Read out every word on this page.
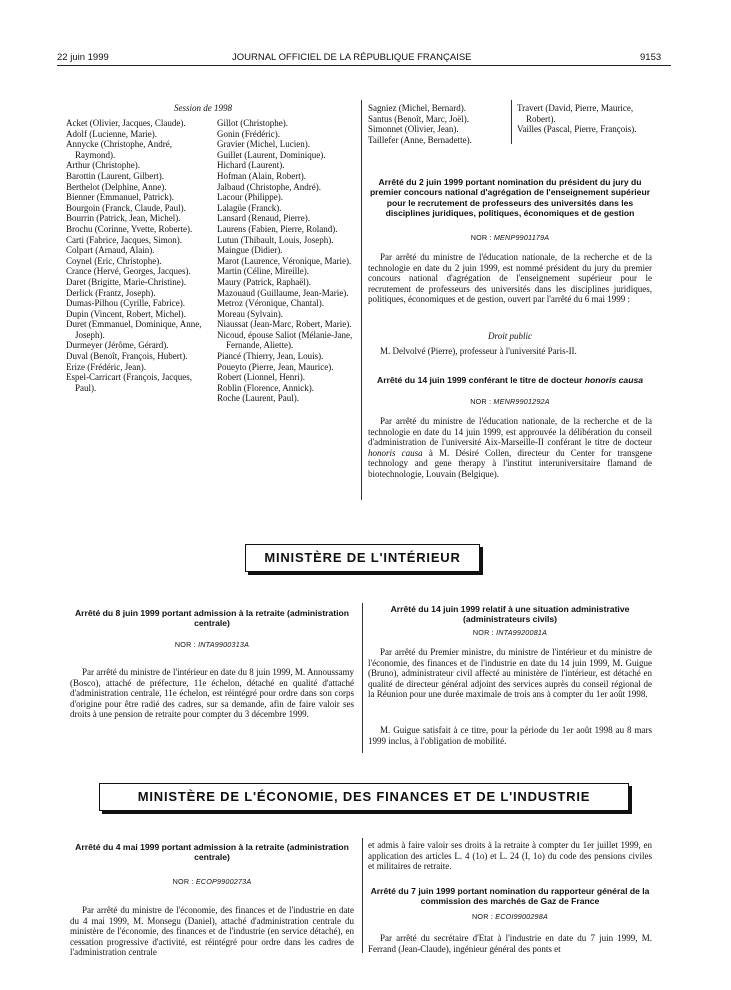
22 juin 1999	JOURNAL OFFICIEL DE LA RÉPUBLIQUE FRANÇAISE	9153
Session de 1998
Acket (Olivier, Jacques, Claude).
Adolf (Lucienne, Marie).
Annycke (Christophe, André, Raymond).
Arthur (Christophe).
Barottin (Laurent, Gilbert).
Berthelot (Delphine, Anne).
Bienner (Emmanuel, Patrick).
Bourgoin (Franck, Claude, Paul).
Bourrin (Patrick, Jean, Michel).
Brochu (Corinne, Yvette, Roberte).
Carti (Fabrice, Jacques, Simon).
Colpart (Arnaud, Alain).
Coynel (Eric, Christophe).
Crance (Hervé, Georges, Jacques).
Daret (Brigitte, Marie-Christine).
Derlick (Frantz, Joseph).
Dumas-Pilhou (Cyrille, Fabrice).
Dupin (Vincent, Robert, Michel).
Duret (Emmanuel, Dominique, Anne, Joseph).
Durmeyer (Jérôme, Gérard).
Duval (Benoît, François, Hubert).
Erize (Frédéric, Jean).
Espel-Carricart (François, Jacques, Paul).
Gillot (Christophe).
Gonin (Frédéric).
Gravier (Michel, Lucien).
Guillet (Laurent, Dominique).
Hichard (Laurent).
Hofman (Alain, Robert).
Jalbaud (Christophe, André).
Lacour (Philippe).
Lalagüe (Franck).
Lansard (Renaud, Pierre).
Laurens (Fabien, Pierre, Roland).
Lutun (Thibault, Louis, Joseph).
Maingue (Didier).
Marot (Laurence, Véronique, Marie).
Martin (Céline, Mireille).
Maury (Patrick, Raphaël).
Mazouaud (Guillaume, Jean-Marie).
Metroz (Véronique, Chantal).
Moreau (Sylvain).
Niaussat (Jean-Marc, Robert, Marie).
Nicoud, épouse Saliot (Mélanie-Jane, Fernande, Aliette).
Piancé (Thierry, Jean, Louis).
Poueyto (Pierre, Jean, Maurice).
Robert (Lionnel, Henri).
Roblin (Florence, Annick).
Roche (Laurent, Paul).
Sagniez (Michel, Bernard).
Santus (Benoît, Marc, Joël).
Simonnet (Olivier, Jean).
Taillefer (Anne, Bernadette).
Travert (David, Pierre, Maurice, Robert).
Vailles (Pascal, Pierre, François).
Arrêté du 2 juin 1999 portant nomination du président du jury du premier concours national d'agrégation de l'enseignement supérieur pour le recrutement de professeurs des universités dans les disciplines juridiques, politiques, économiques et de gestion
NOR : MENP9901179A
Par arrêté du ministre de l'éducation nationale, de la recherche et de la technologie en date du 2 juin 1999, est nommé président du jury du premier concours national d'agrégation de l'enseignement supérieur pour le recrutement de professeurs des universités dans les disciplines juridiques, politiques, économiques et de gestion, ouvert par l'arrêté du 6 mai 1999 :
Droit public
M. Delvolvé (Pierre), professeur à l'université Paris-II.
Arrêté du 14 juin 1999 conférant le titre de docteur honoris causa
NOR : MENR9901292A
Par arrêté du ministre de l'éducation nationale, de la recherche et de la technologie en date du 14 juin 1999, est approuvée la délibération du conseil d'administration de l'université Aix-Marseille-II conférant le titre de docteur honoris causa à M. Désiré Collen, directeur du Center for transgene technology and gene therapy à l'institut interuniversitaire flamand de biotechnologie, Louvain (Belgique).
MINISTÈRE DE L'INTÉRIEUR
Arrêté du 8 juin 1999 portant admission à la retraite (administration centrale)
NOR : INTA9900313A
Par arrêté du ministre de l'intérieur en date du 8 juin 1999, M. Annoussamy (Bosco), attaché de préfecture, 11e échelon, détaché en qualité d'attaché d'administration centrale, 11e échelon, est réintégré pour ordre dans son corps d'origine pour être radié des cadres, sur sa demande, afin de faire valoir ses droits à une pension de retraite pour compter du 3 décembre 1999.
Arrêté du 14 juin 1999 relatif à une situation administrative (administrateurs civils)
NOR : INTA9920081A
Par arrêté du Premier ministre, du ministre de l'intérieur et du ministre de l'économie, des finances et de l'industrie en date du 14 juin 1999, M. Guigue (Bruno), administrateur civil affecté au ministère de l'intérieur, est détaché en qualité de directeur général adjoint des services auprès du conseil régional de la Réunion pour une durée maximale de trois ans à compter du 1er août 1998.
M. Guigue satisfait à ce titre, pour la période du 1er août 1998 au 8 mars 1999 inclus, à l'obligation de mobilité.
MINISTÈRE DE L'ÉCONOMIE, DES FINANCES ET DE L'INDUSTRIE
Arrêté du 4 mai 1999 portant admission à la retraite (administration centrale)
NOR : ECOP9900273A
Par arrêté du ministre de l'économie, des finances et de l'industrie en date du 4 mai 1999, M. Monsegu (Daniel), attaché d'administration centrale du ministère de l'économie, des finances et de l'industrie (en service détaché), en cessation progressive d'activité, est réintégré pour ordre dans les cadres de l'administration centrale
et admis à faire valoir ses droits à la retraite à compter du 1er juillet 1999, en application des articles L. 4 (1o) et L. 24 (I, 1o) du code des pensions civiles et militaires de retraite.
Arrêté du 7 juin 1999 portant nomination du rapporteur général de la commission des marchés de Gaz de France
NOR : ECOI9900298A
Par arrêté du secrétaire d'Etat à l'industrie en date du 7 juin 1999, M. Ferrand (Jean-Claude), ingénieur général des ponts et
